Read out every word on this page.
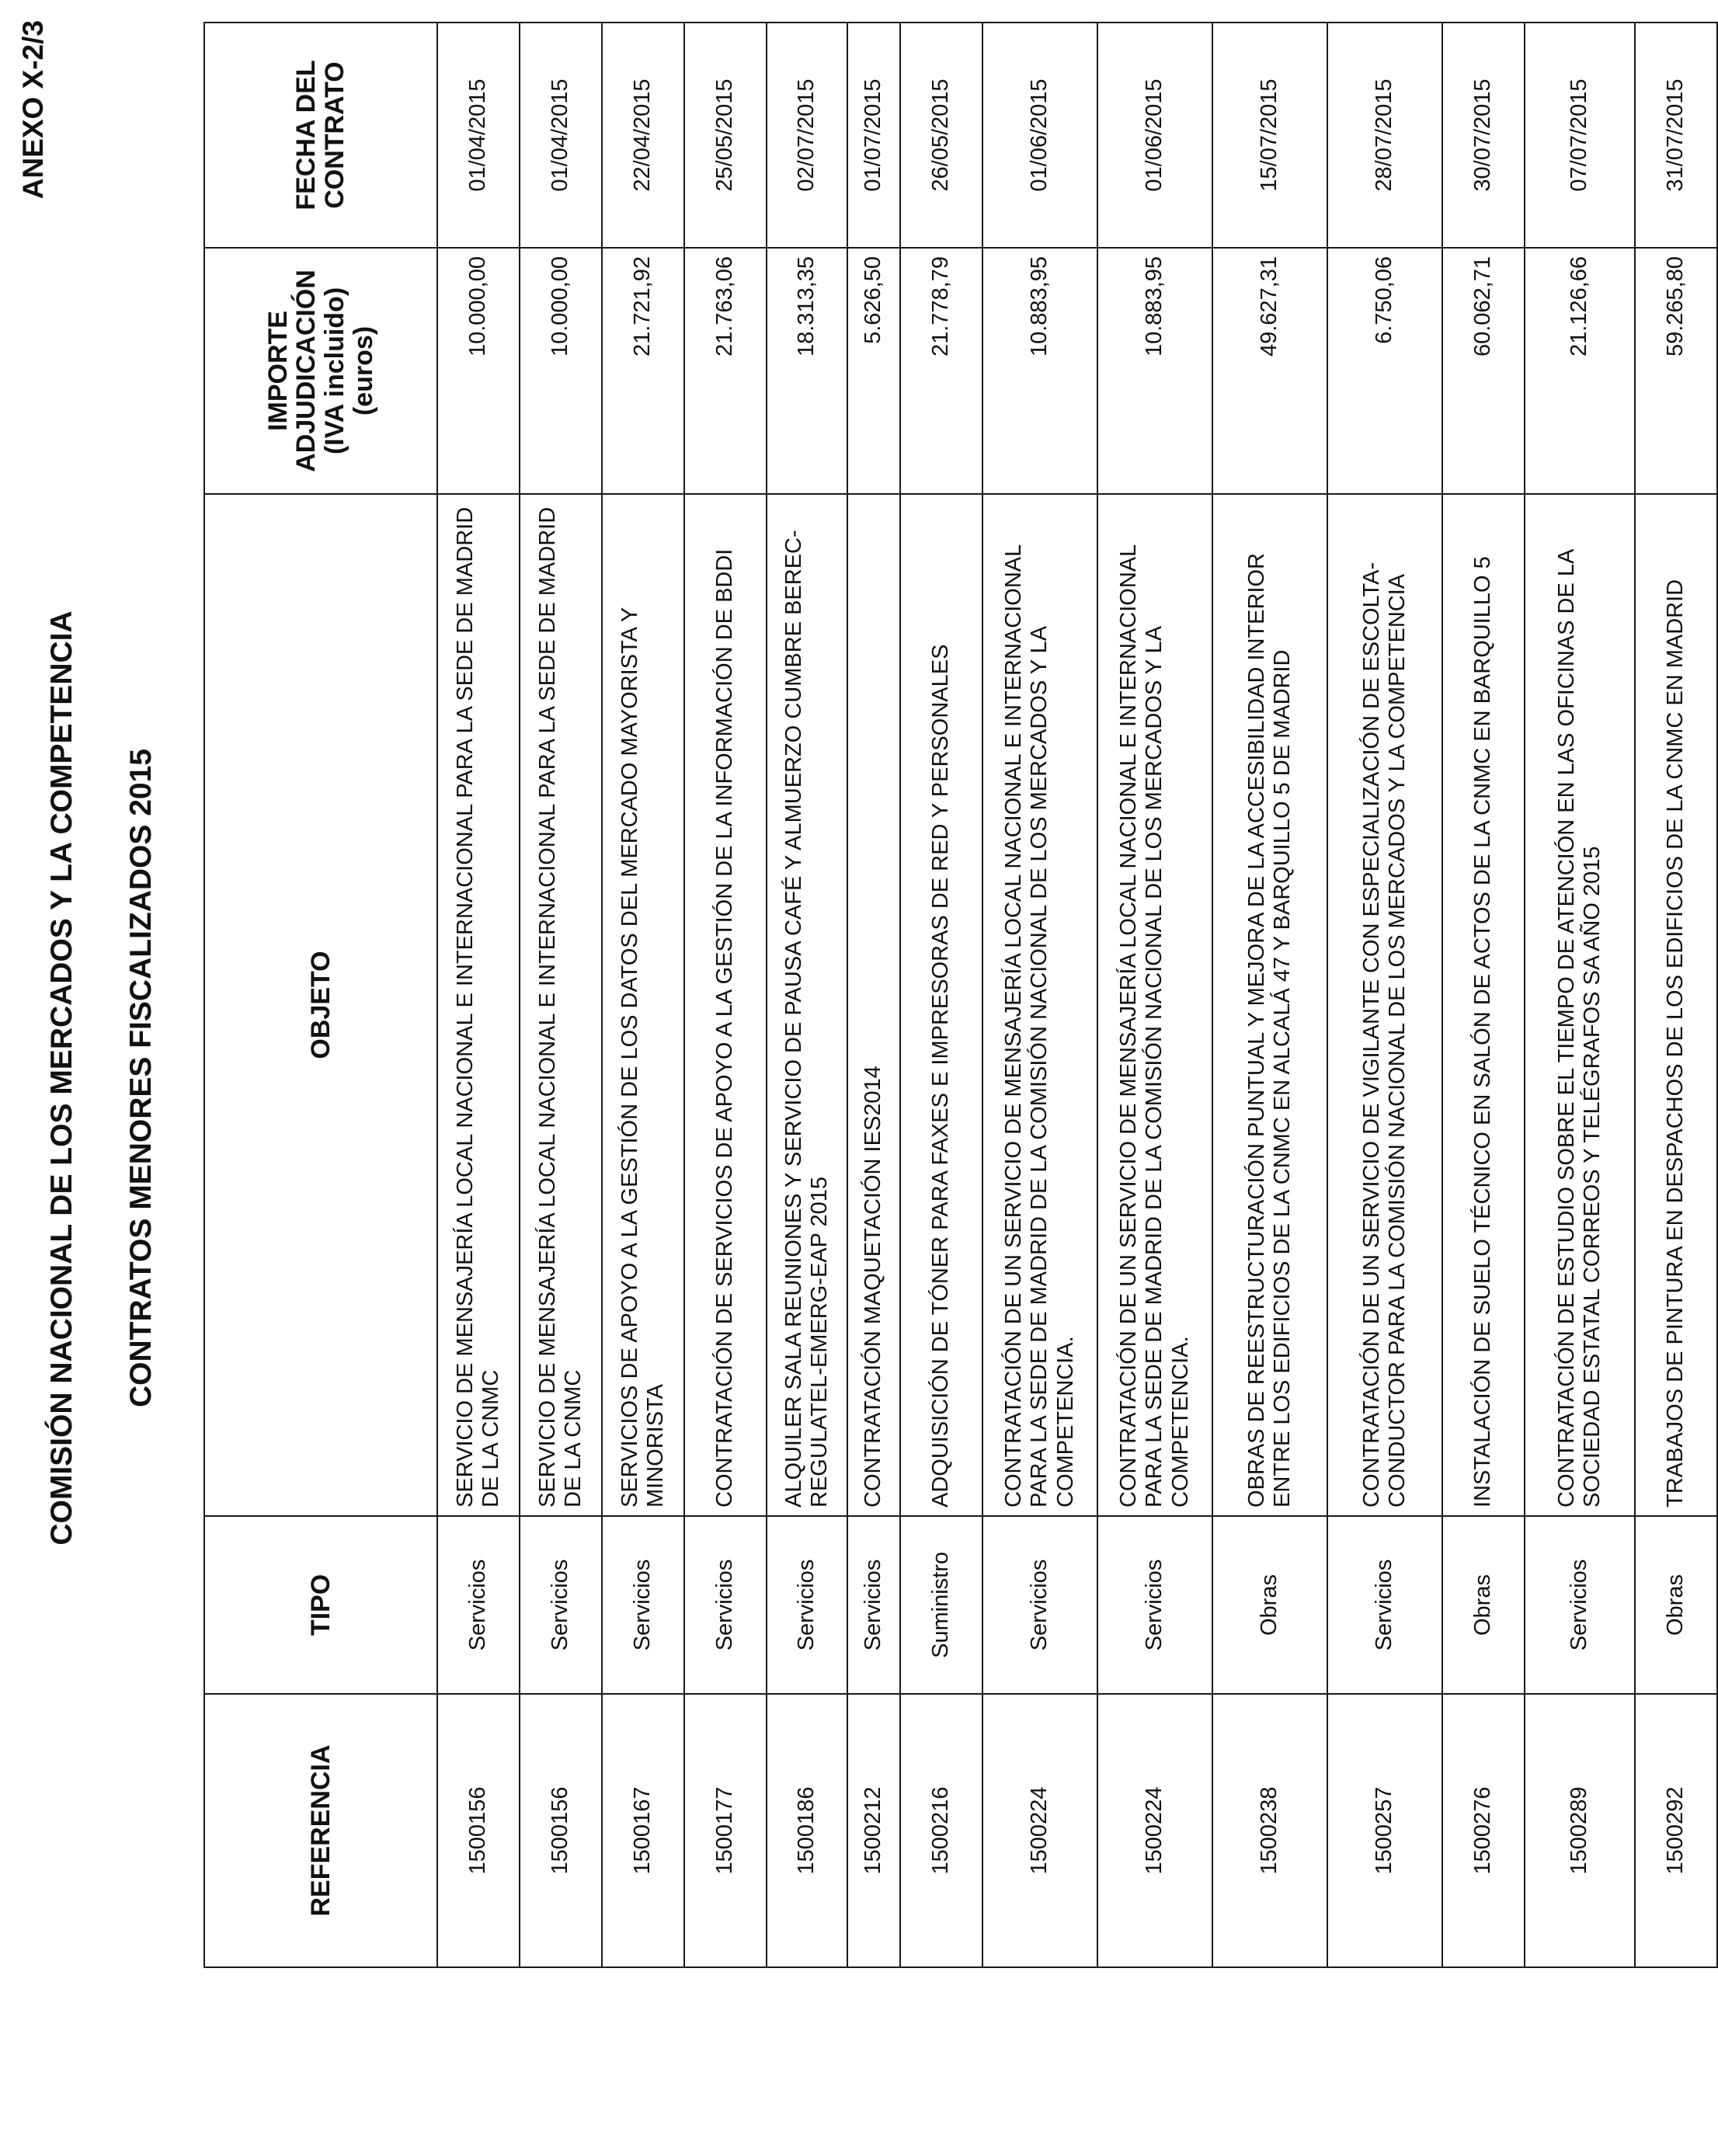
ANEXO X-2/3
COMISIÓN NACIONAL DE LOS MERCADOS Y LA COMPETENCIA CONTRATOS MENORES FISCALIZADOS 2015
REFERENCIA	TIPO	OBJETO	IMPORTE ADJUDICACIÓN (IVA incluido) (euros)	FECHA DEL CONTRATO
1500156	Servicios	SERVICIO DE MENSAJERÍA LOCAL NACIONAL E INTERNACIONAL PARA LA SEDE DE MADRID DE LA CNMC	10.000,00	01/04/2015
1500156	Servicios	SERVICIO DE MENSAJERÍA LOCAL NACIONAL E INTERNACIONAL PARA LA SEDE DE MADRID DE LA CNMC	10.000,00	01/04/2015
1500167	Servicios	SERVICIOS DE APOYO A LA GESTIÓN DE LOS DATOS DEL MERCADO MAYORISTA Y MINORISTA	21.721,92	22/04/2015
1500177	Servicios	CONTRATACIÓN DE SERVICIOS DE APOYO A LA GESTIÓN DE LA INFORMACIÓN DE BDDI	21.763,06	25/05/2015
1500186	Servicios	ALQUILER SALA REUNIONES Y SERVICIO DE PAUSA CAFÉ Y ALMUERZO CUMBRE BEREC-REGULATEL-EMERG-EAP 2015	18.313,35	02/07/2015
1500212	Servicios	CONTRATACIÓN MAQUETACIÓN IES2014	5.626,50	01/07/2015
1500216	Suministro	ADQUISICIÓN DE TÓNER PARA FAXES E IMPRESORAS DE RED Y PERSONALES	21.778,79	26/05/2015
1500224	Servicios	CONTRATACIÓN DE UN SERVICIO DE MENSAJERÍA LOCAL NACIONAL E INTERNACIONAL PARA LA SEDE DE MADRID DE LA COMISIÓN NACIONAL DE LOS MERCADOS Y LA COMPETENCIA.	10.883,95	01/06/2015
1500224	Servicios	CONTRATACIÓN DE UN SERVICIO DE MENSAJERÍA LOCAL NACIONAL E INTERNACIONAL PARA LA SEDE DE MADRID DE LA COMISIÓN NACIONAL DE LOS MERCADOS Y LA COMPETENCIA.	10.883,95	01/06/2015
1500238	Obras	OBRAS DE REESTRUCTURACIÓN PUNTUAL Y MEJORA DE LA ACCESIBILIDAD INTERIOR ENTRE LOS EDIFICIOS DE LA CNMC EN ALCALÁ 47 Y BARQUILLO 5 DE MADRID	49.627,31	15/07/2015
1500257	Servicios	CONTRATACIÓN DE UN SERVICIO DE VIGILANTE CON ESPECIALIZACIÓN DE ESCOLTA-CONDUCTOR PARA LA COMISIÓN NACIONAL DE LOS MERCADOS Y LA COMPETENCIA	6.750,06	28/07/2015
1500276	Obras	INSTALACIÓN DE SUELO TÉCNICO EN SALÓN DE ACTOS DE LA CNMC EN BARQUILLO 5	60.062,71	30/07/2015
1500289	Servicios	CONTRATACIÓN DE ESTUDIO SOBRE EL TIEMPO DE ATENCIÓN EN LAS OFICINAS DE LA SOCIEDAD ESTATAL CORREOS Y TELÉGRAFOS SA AÑO 2015	21.126,66	07/07/2015
1500292	Obras	TRABAJOS DE PINTURA EN DESPACHOS DE LOS EDIFICIOS DE LA CNMC EN MADRID	59.265,80	31/07/2015
